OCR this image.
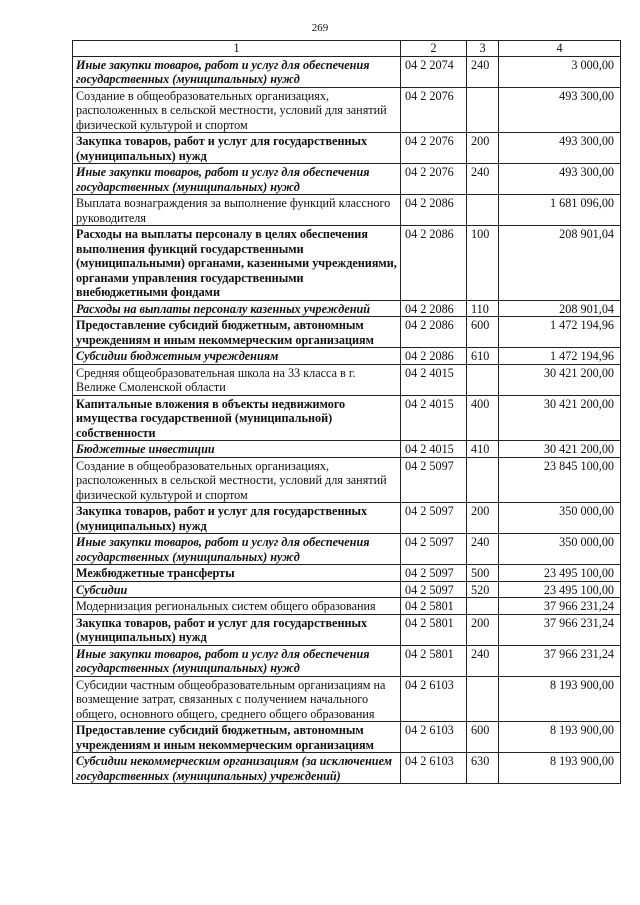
269
1	2	3	4
Иные закупки товаров, работ и услуг для обеспечения государственных (муниципальных) нужд	04 2 2074	240	3 000,00
Создание в общеобразовательных организациях, расположенных в сельской местности, условий для занятий физической культурой и спортом	04 2 2076		493 300,00
Закупка товаров, работ и услуг для государственных (муниципальных) нужд	04 2 2076	200	493 300,00
Иные закупки товаров, работ и услуг для обеспечения государственных (муниципальных) нужд	04 2 2076	240	493 300,00
Выплата вознаграждения за выполнение функций классного руководителя	04 2 2086		1 681 096,00
Расходы на выплаты персоналу в целях обеспечения выполнения функций государственными (муниципальными) органами, казенными учреждениями, органами управления государственными внебюджетными фондами	04 2 2086	100	208 901,04
Расходы на выплаты персоналу казенных учреждений	04 2 2086	110	208 901,04
Предоставление субсидий бюджетным, автономным учреждениям и иным некоммерческим организациям	04 2 2086	600	1 472 194,96
Субсидии бюджетным учреждениям	04 2 2086	610	1 472 194,96
Средняя общеобразовательная школа на 33 класса в г. Велиже Смоленской области	04 2 4015		30 421 200,00
Капитальные вложения в объекты недвижимого имущества государственной (муниципальной) собственности	04 2 4015	400	30 421 200,00
Бюджетные инвестиции	04 2 4015	410	30 421 200,00
Создание в общеобразовательных организациях, расположенных в сельской местности, условий для занятий физической культурой и спортом	04 2 5097		23 845 100,00
Закупка товаров, работ и услуг для государственных (муниципальных) нужд	04 2 5097	200	350 000,00
Иные закупки товаров, работ и услуг для обеспечения государственных (муниципальных) нужд	04 2 5097	240	350 000,00
Межбюджетные трансферты	04 2 5097	500	23 495 100,00
Субсидии	04 2 5097	520	23 495 100,00
Модернизация региональных систем общего образования	04 2 5801		37 966 231,24
Закупка товаров, работ и услуг для государственных (муниципальных) нужд	04 2 5801	200	37 966 231,24
Иные закупки товаров, работ и услуг для обеспечения государственных (муниципальных) нужд	04 2 5801	240	37 966 231,24
Субсидии частным общеобразовательным организациям на возмещение затрат, связанных с получением начального общего, основного общего, среднего общего образования	04 2 6103		8 193 900,00
Предоставление субсидий бюджетным, автономным учреждениям и иным некоммерческим организациям	04 2 6103	600	8 193 900,00
Субсидии некоммерческим организациям (за исключением государственных (муниципальных) учреждений)	04 2 6103	630	8 193 900,00
